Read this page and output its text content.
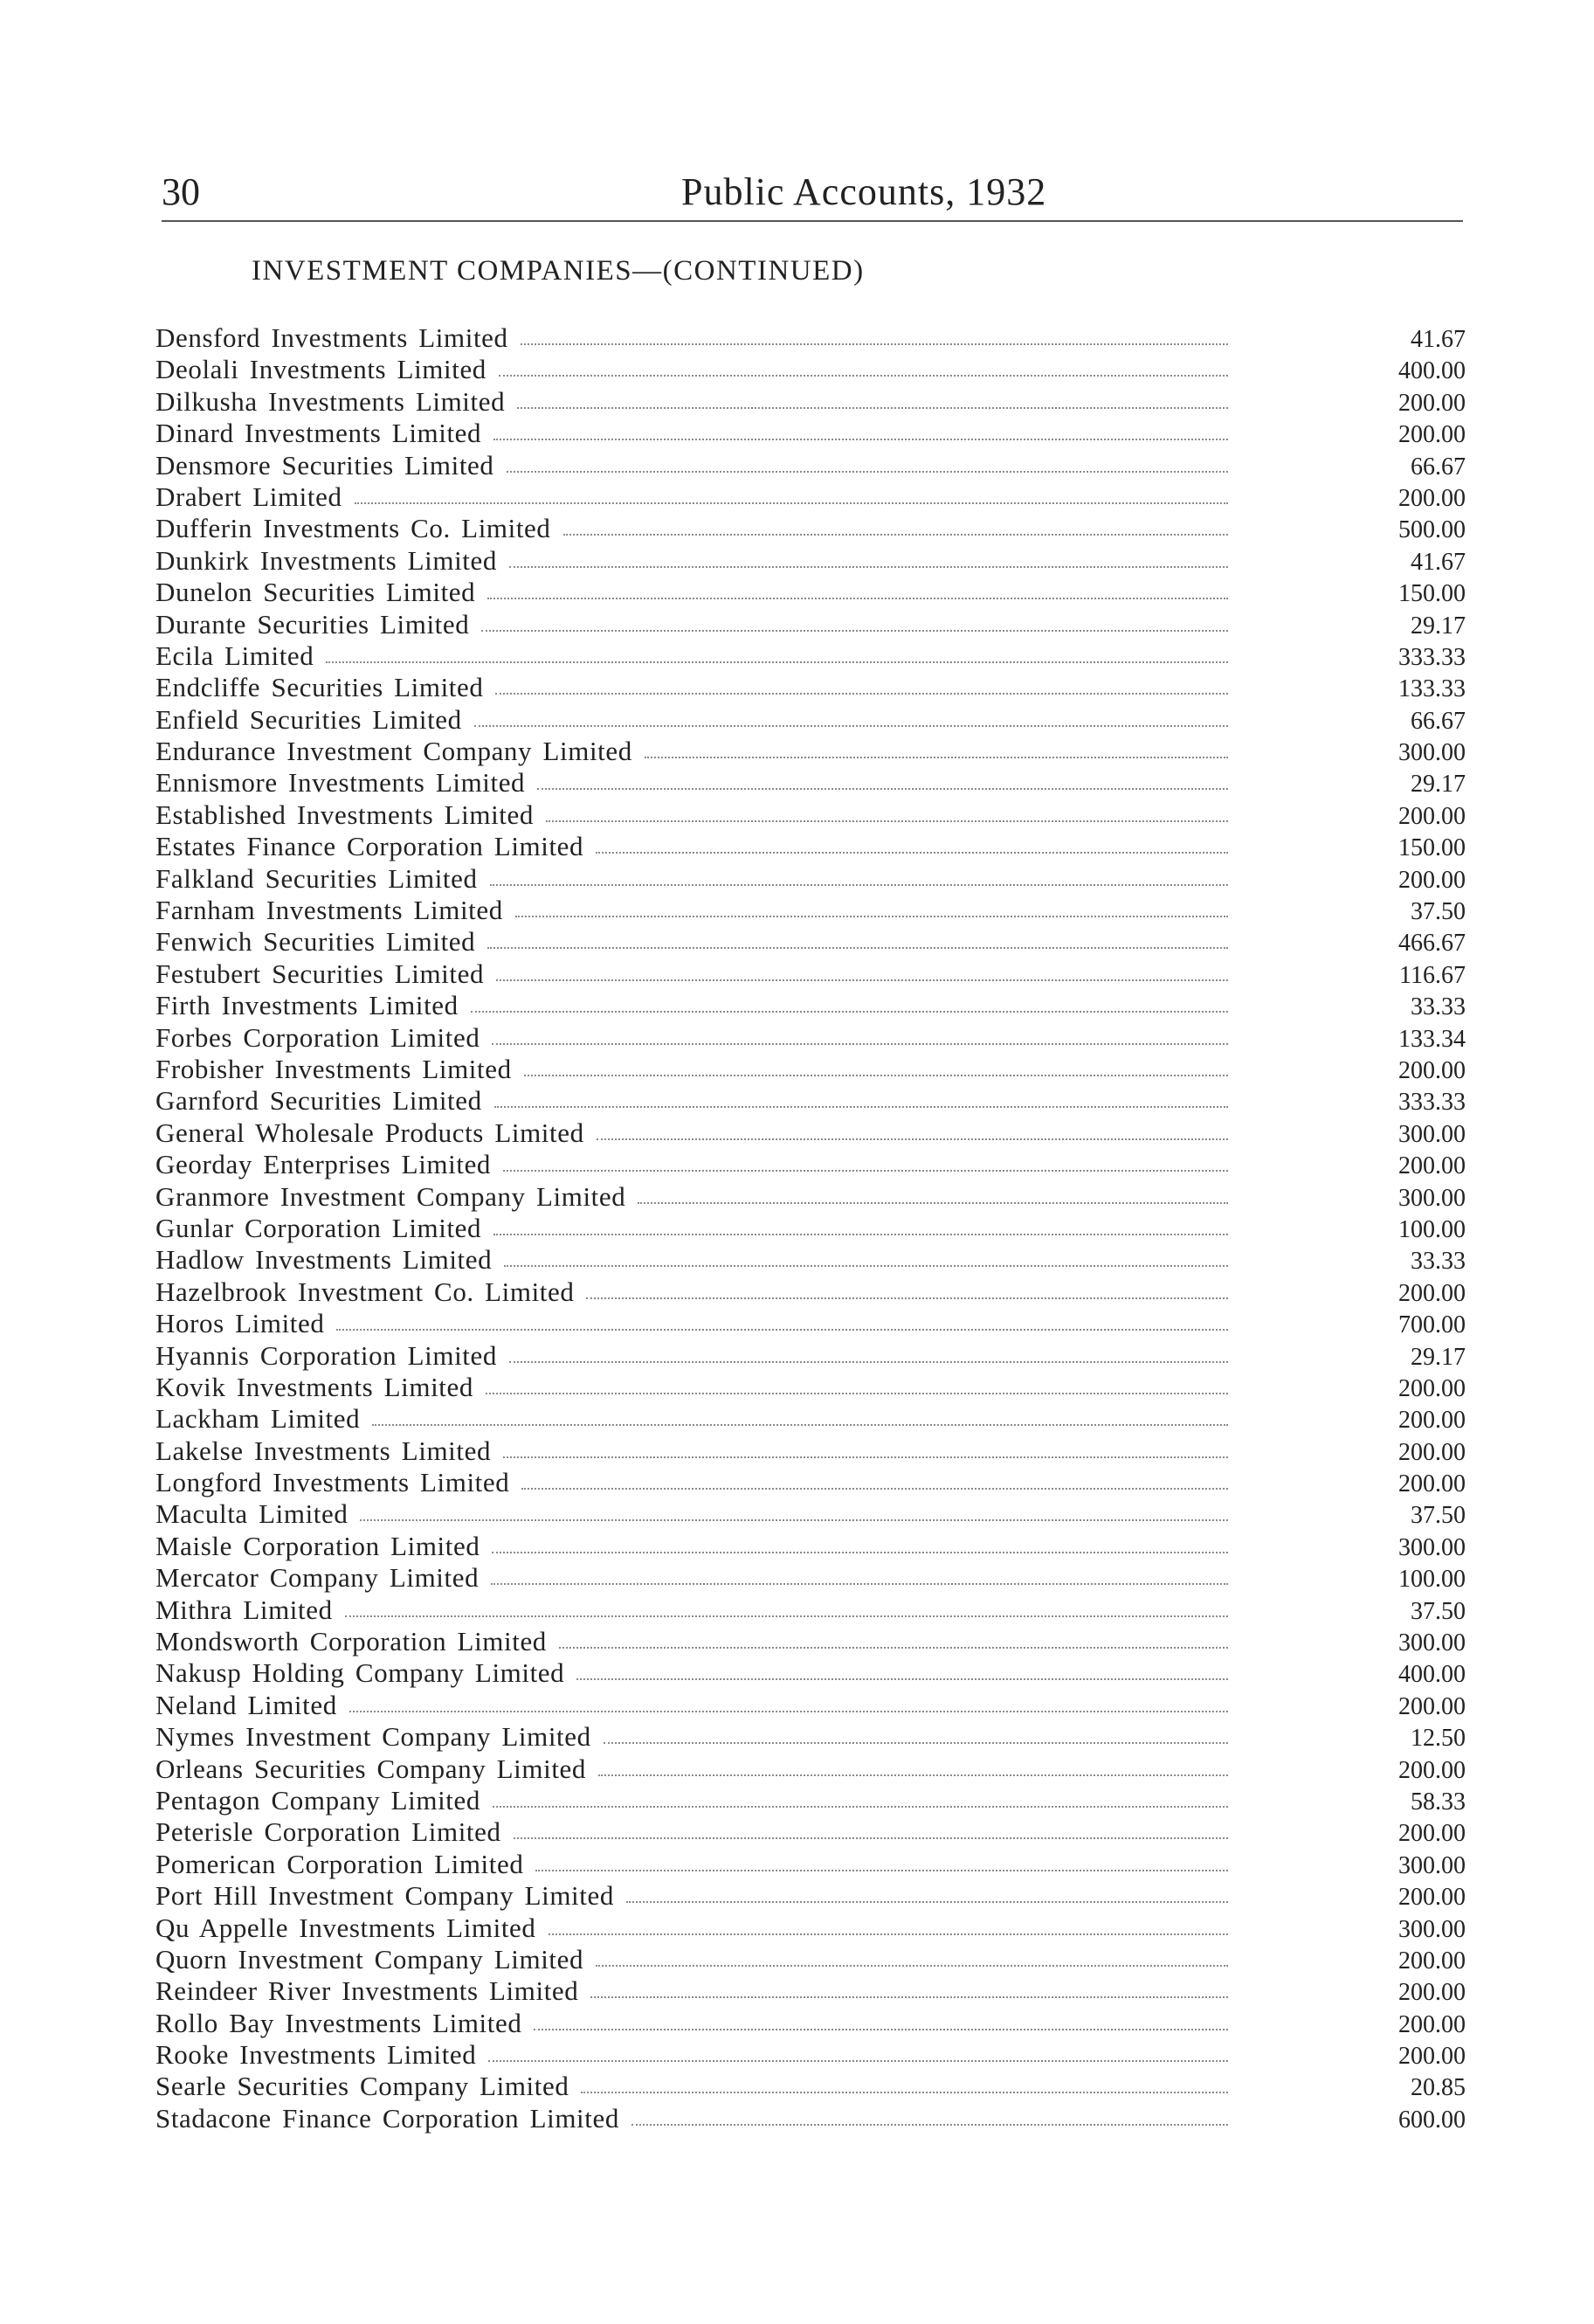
30	Public Accounts, 1932
INVESTMENT COMPANIES—(CONTINUED)
Densford Investments Limited	41.67
Deolali Investments Limited	400.00
Dilkusha Investments Limited	200.00
Dinard Investments Limited	200.00
Densmore Securities Limited	66.67
Drabert Limited	200.00
Dufferin Investments Co. Limited	500.00
Dunkirk Investments Limited	41.67
Dunelon Securities Limited	150.00
Durante Securities Limited	29.17
Ecila Limited	333.33
Endcliffe Securities Limited	133.33
Enfield Securities Limited	66.67
Endurance Investment Company Limited	300.00
Ennismore Investments Limited	29.17
Established Investments Limited	200.00
Estates Finance Corporation Limited	150.00
Falkland Securities Limited	200.00
Farnham Investments Limited	37.50
Fenwich Securities Limited	466.67
Festubert Securities Limited	116.67
Firth Investments Limited	33.33
Forbes Corporation Limited	133.34
Frobisher Investments Limited	200.00
Garnford Securities Limited	333.33
General Wholesale Products Limited	300.00
Georday Enterprises Limited	200.00
Granmore Investment Company Limited	300.00
Gunlar Corporation Limited	100.00
Hadlow Investments Limited	33.33
Hazelbrook Investment Co. Limited	200.00
Horos Limited	700.00
Hyannis Corporation Limited	29.17
Kovik Investments Limited	200.00
Lackham Limited	200.00
Lakelse Investments Limited	200.00
Longford Investments Limited	200.00
Maculta Limited	37.50
Maisle Corporation Limited	300.00
Mercator Company Limited	100.00
Mithra Limited	37.50
Mondsworth Corporation Limited	300.00
Nakusp Holding Company Limited	400.00
Neland Limited	200.00
Nymes Investment Company Limited	12.50
Orleans Securities Company Limited	200.00
Pentagon Company Limited	58.33
Peterisle Corporation Limited	200.00
Pomerican Corporation Limited	300.00
Port Hill Investment Company Limited	200.00
Qu Appelle Investments Limited	300.00
Quorn Investment Company Limited	200.00
Reindeer River Investments Limited	200.00
Rollo Bay Investments Limited	200.00
Rooke Investments Limited	200.00
Searle Securities Company Limited	20.85
Stadacone Finance Corporation Limited	600.00
